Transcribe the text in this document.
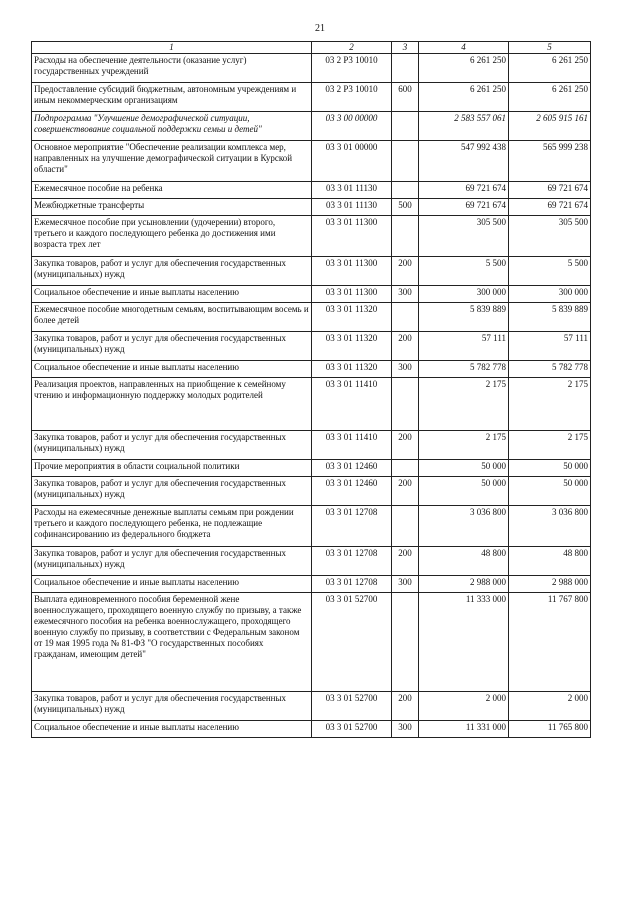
21
1	2	3	4	5
Расходы на обеспечение деятельности (оказание услуг) государственных учреждений	03 2 P3 10010		6 261 250	6 261 250
Предоставление субсидий бюджетным, автономным учреждениям и иным некоммерческим организациям	03 2 P3 10010	600	6 261 250	6 261 250
Подпрограмма "Улучшение демографической ситуации, совершенствование социальной поддержки семьи и детей"	03 3 00 00000		2 583 557 061	2 605 915 161
Основное мероприятие "Обеспечение реализации комплекса мер, направленных на улучшение демографической ситуации в Курской области"	03 3 01 00000		547 992 438	565 999 238
Ежемесячное пособие на ребенка	03 3 01 11130		69 721 674	69 721 674
Межбюджетные трансферты	03 3 01 11130	500	69 721 674	69 721 674
Ежемесячное пособие при усыновлении (удочерении) второго, третьего и каждого последующего ребенка до достижения ими возраста трех лет	03 3 01 11300		305 500	305 500
Закупка товаров, работ и услуг для обеспечения государственных (муниципальных) нужд	03 3 01 11300	200	5 500	5 500
Социальное обеспечение и иные выплаты населению	03 3 01 11300	300	300 000	300 000
Ежемесячное пособие многодетным семьям, воспитывающим восемь и более детей	03 3 01 11320		5 839 889	5 839 889
Закупка товаров, работ и услуг для обеспечения государственных (муниципальных) нужд	03 3 01 11320	200	57 111	57 111
Социальное обеспечение и иные выплаты населению	03 3 01 11320	300	5 782 778	5 782 778
Реализация проектов, направленных на приобщение к семейному чтению и информационную поддержку молодых родителей	03 3 01 11410		2 175	2 175
Закупка товаров, работ и услуг для обеспечения государственных (муниципальных) нужд	03 3 01 11410	200	2 175	2 175
Прочие мероприятия в области социальной политики	03 3 01 12460		50 000	50 000
Закупка товаров, работ и услуг для обеспечения государственных (муниципальных) нужд	03 3 01 12460	200	50 000	50 000
Расходы на ежемесячные денежные выплаты семьям при рождении третьего и каждого последующего ребенка, не подлежащие софинансированию из федерального бюджета	03 3 01 12708		3 036 800	3 036 800
Закупка товаров, работ и услуг для обеспечения государственных (муниципальных) нужд	03 3 01 12708	200	48 800	48 800
Социальное обеспечение и иные выплаты населению	03 3 01 12708	300	2 988 000	2 988 000
Выплата единовременного пособия беременной жене военнослужащего, проходящего военную службу по призыву, а также ежемесячного пособия на ребенка военнослужащего, проходящего военную службу по призыву, в соответствии с Федеральным законом от 19 мая 1995 года № 81-ФЗ "О государственных пособиях гражданам, имеющим детей"	03 3 01 52700		11 333 000	11 767 800
Закупка товаров, работ и услуг для обеспечения государственных (муниципальных) нужд	03 3 01 52700	200	2 000	2 000
Социальное обеспечение и иные выплаты населению	03 3 01 52700	300	11 331 000	11 765 800
